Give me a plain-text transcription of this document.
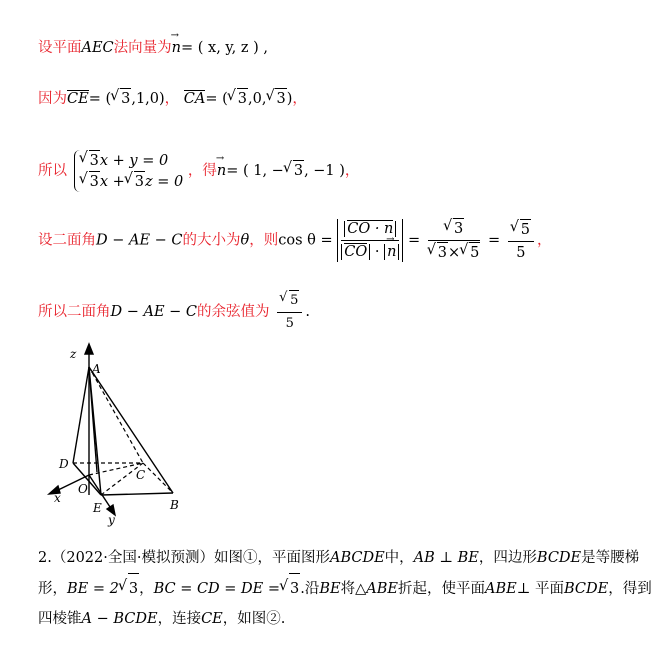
设平面AEC法向量为→ n= ( x, y, z ) ,
因为CE= ( √ 3,1,0)， CA= ( √ 3,0, √ 3)，
所以
√ 3x + y = 0
√ 3x + √ 3z = 0
，得→ n= ( 1, − √ 3, −1 )，
设二面角D − AE − C的大小为θ，则$\cos \theta = \frac{CO \cdot n}{CO \cdot \to n}$ = √ 3
√ 3× √ 5 = √ $\frac{5}{5}$ ，
所以二面角D − AE − C的余弦值为 √ $\frac{5}{5}$ .
z
A
D
C
x
O
E
y
B
2.（2022·全国·模拟预测）如图①，平面图形ABCDE中，AB ⊥ BE，四边形BCDE是等腰梯
形，BE = 2 √ 3，BC = CD = DE = √ 3.沿BE将△ABE折起，使平面ABE⊥ 平面BCDE，得到
四棱锥A − BCDE，连接CE，如图②.
